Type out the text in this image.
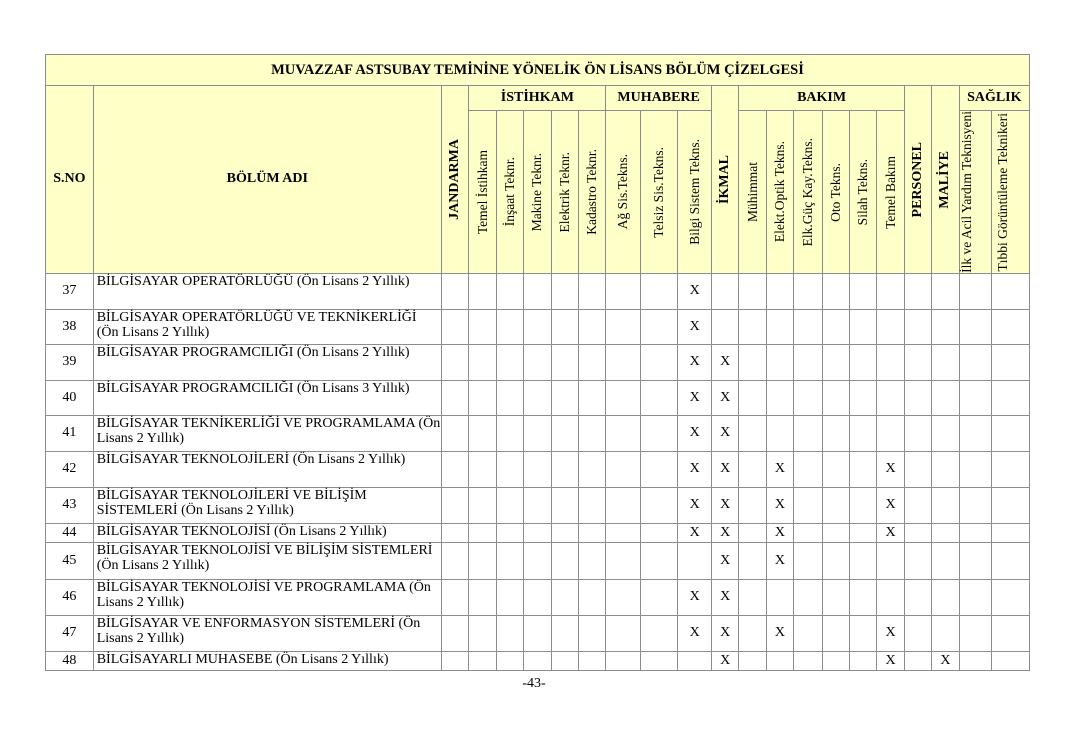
MUVAZZAF ASTSUBAY TEMİNİNE YÖNELİK ÖN LİSANS BÖLÜM ÇİZELGESİ																					
S.NO	BÖLÜM ADI	JANDARMA	İSTİHKAM					MUHABERE			İKMAL	BAKIM						PERSONEL	MALİYE	SAĞLIK	

			Temel İstihkam	İnşaat Teknr.	Makine Teknr.	Elektrik Teknr.	Kadastro Teknr.	Ağ Sis.Tekns.	Telsiz Sis.Tekns.	Bilgi Sistem Tekns.		Mühimmat	Elekt.Optik Tekns.	Elk.Güç Kay.Tekns.	Oto Tekns.	Silah Tekns.	Temel Bakım			İlk ve Acil Yardım Teknisyeni	Tıbbi Görüntüleme Teknikeri

37	BİLGİSAYAR OPERATÖRLÜĞÜ (Ön Lisans 2 Yıllık)									X											
38	BİLGİSAYAR OPERATÖRLÜĞÜ VE TEKNİKERLİĞİ (Ön Lisans 2 Yıllık)									X											
39	BİLGİSAYAR PROGRAMCILIĞI (Ön Lisans 2 Yıllık)									X	X										
40	BİLGİSAYAR PROGRAMCILIĞI (Ön Lisans 3 Yıllık)									X	X										
41	BİLGİSAYAR TEKNİKERLİĞİ VE PROGRAMLAMA (Ön Lisans 2 Yıllık)									X	X										
42	BİLGİSAYAR TEKNOLOJİLERİ (Ön Lisans 2 Yıllık)									X	X		X				X				
43	BİLGİSAYAR TEKNOLOJİLERİ VE BİLİŞİM SİSTEMLERİ (Ön Lisans 2 Yıllık)									X	X		X				X				
44	BİLGİSAYAR TEKNOLOJİSİ (Ön Lisans 2 Yıllık)									X	X		X				X				
45	BİLGİSAYAR TEKNOLOJİSİ VE BİLİŞİM SİSTEMLERİ (Ön Lisans 2 Yıllık)										X		X								
46	BİLGİSAYAR TEKNOLOJİSİ VE PROGRAMLAMA (Ön Lisans 2 Yıllık)									X	X										
47	BİLGİSAYAR VE ENFORMASYON SİSTEMLERİ (Ön Lisans 2 Yıllık)									X	X		X				X				
48	BİLGİSAYARLI MUHASEBE (Ön Lisans 2 Yıllık)										X						X		X		
-43-
